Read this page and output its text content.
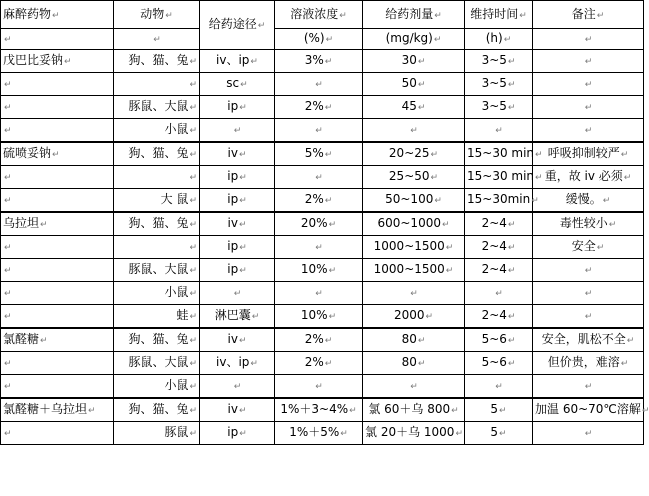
麻醉药物↵	动物↵	给药途径↵	溶液浓度↵	给药剂量↵	维持时间↵	备注↵
↵	↵		(%)↵	(mg/kg)↵	(h)↵	↵
戊巴比妥钠↵	狗、猫、兔↵	iv、ip↵	3%↵	30↵	3~5↵	↵
↵	↵	sc↵	↵	50↵	3~5↵	↵
↵	豚鼠、大鼠↵	ip↵	2%↵	45↵	3~5↵	↵
↵	小鼠↵	↵	↵	↵	↵	↵
硫喷妥钠↵	狗、猫、兔↵	iv↵	5%↵	20~25↵	15~30 min↵	呼吸抑制较严↵
↵	↵	ip↵	↵	25~50↵	15~30 min↵	重，故 iv 必须↵
↵	大 鼠↵	ip↵	2%↵	50~100↵	15~30min↵	缓慢。↵
乌拉坦↵	狗、猫、兔↵	iv↵	20%↵	600~1000↵	2~4↵	毒性较小↵
↵	↵	ip↵	↵	1000~1500↵	2~4↵	安全↵
↵	豚鼠、大鼠↵	ip↵	10%↵	1000~1500↵	2~4↵	↵
↵	小鼠↵	↵	↵	↵	↵	↵
↵	蛙↵	淋巴囊↵	10%↵	2000↵	2~4↵	↵
氯醛糖↵	狗、猫、兔↵	iv↵	2%↵	80↵	5~6↵	安全，肌松不全↵
↵	豚鼠、大鼠↵	iv、ip↵	2%↵	80↵	5~6↵	但价贵，难溶↵
↵	小鼠↵	↵	↵	↵	↵	↵
氯醛糖＋乌拉坦↵	狗、猫、兔↵	iv↵	1%＋3~4%↵	氯 60＋乌 800↵	5↵	加温 60~70℃溶解↵
↵	豚鼠↵	ip↵	1%＋5%↵	氯 20＋乌 1000↵	5↵	↵
